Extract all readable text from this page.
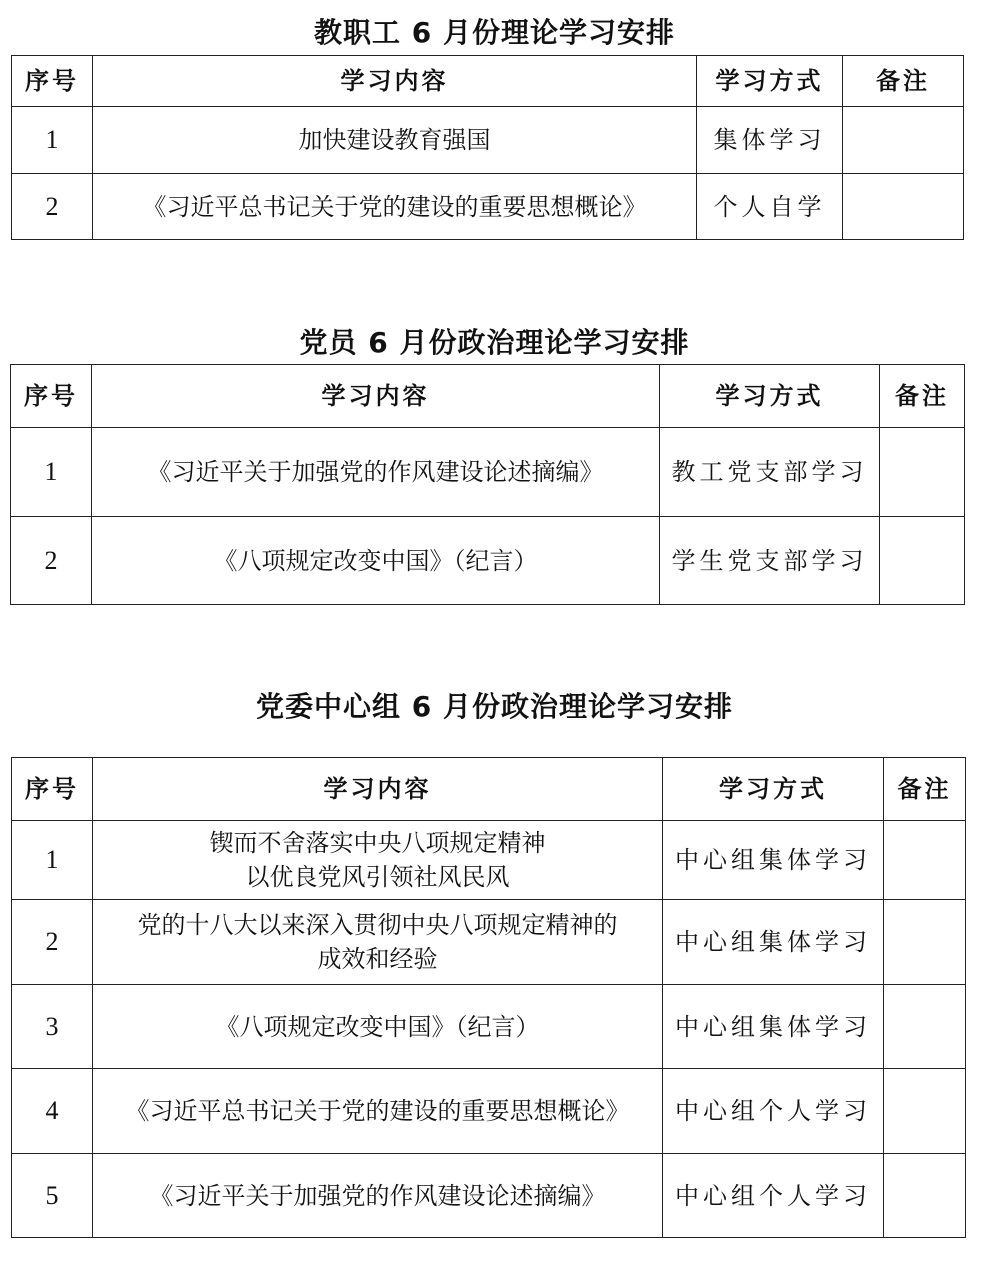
教职工 6 月份理论学习安排
序号	学习内容	学习方式	备注
1	加快建设教育强国	集体学习	
2	《习近平总书记关于党的建设的重要思想概论》	个人自学	
党员 6 月份政治理论学习安排
序号	学习内容	学习方式	备注
1	《习近平关于加强党的作风建设论述摘编》	教工党支部学习	
2	《八项规定改变中国》（纪言）	学生党支部学习	
党委中心组 6 月份政治理论学习安排
序号	学习内容	学习方式	备注
1	锲而不舍落实中央八项规定精神
以优良党风引领社风民风	中心组集体学习	
2	党的十八大以来深入贯彻中央八项规定精神的
成效和经验	中心组集体学习	
3	《八项规定改变中国》（纪言）	中心组集体学习	
4	《习近平总书记关于党的建设的重要思想概论》	中心组个人学习	
5	《习近平关于加强党的作风建设论述摘编》	中心组个人学习	
